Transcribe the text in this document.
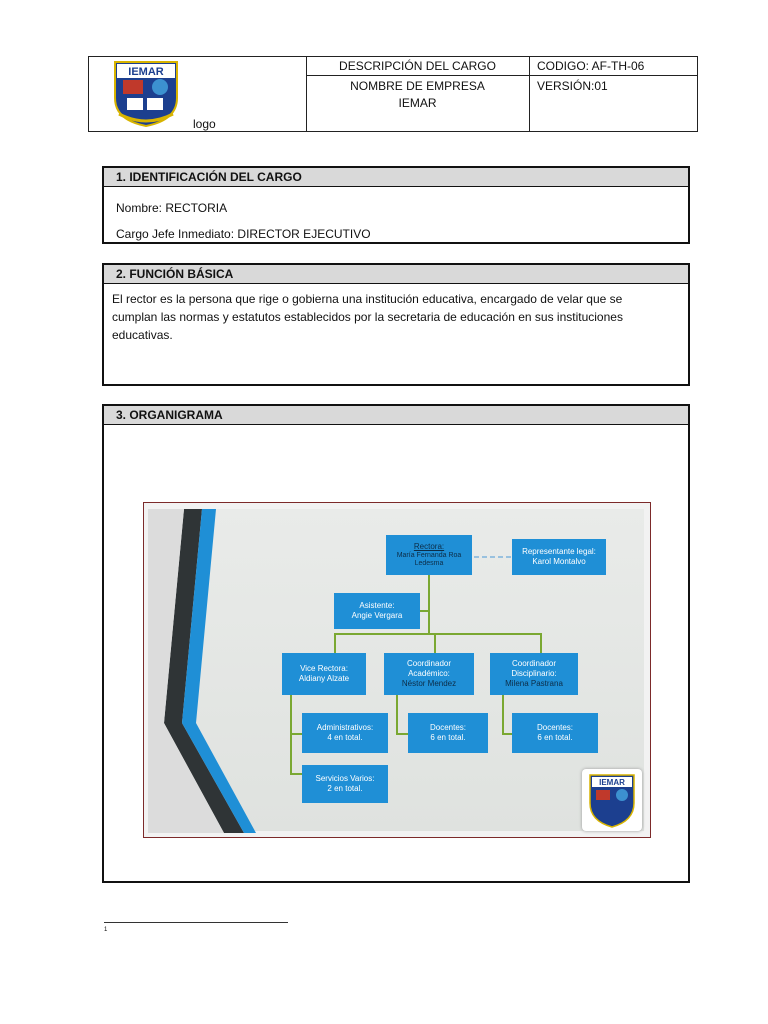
IEMAR
logo
DESCRIPCIÓN DEL CARGO
NOMBRE DE EMPRESA
IEMAR
CODIGO: AF-TH-06
VERSIÓN:01
1. IDENTIFICACIÓN DEL CARGO
Nombre: RECTORIA
Cargo Jefe Inmediato: DIRECTOR EJECUTIVO
2. FUNCIÓN BÁSICA
El rector es la persona que rige o gobierna una institución educativa, encargado de velar que se cumplan las normas y estatutos establecidos por la secretaria de educación en sus instituciones educativas.
3. ORGANIGRAMA
Rectora:
María Fernanda Roa Ledesma
Representante legal:
Karol Montalvo
Asistente:
Angie Vergara
Vice Rectora:
Aldiany Alzate
Coordinador Académico:
Néstor Mendez
Coordinador Disciplinario:
Milena Pastrana
Administrativos:
4 en total.
Servicios Varios:
2 en total.
Docentes:
6 en total.
Docentes:
6 en total.
IEMAR
1
